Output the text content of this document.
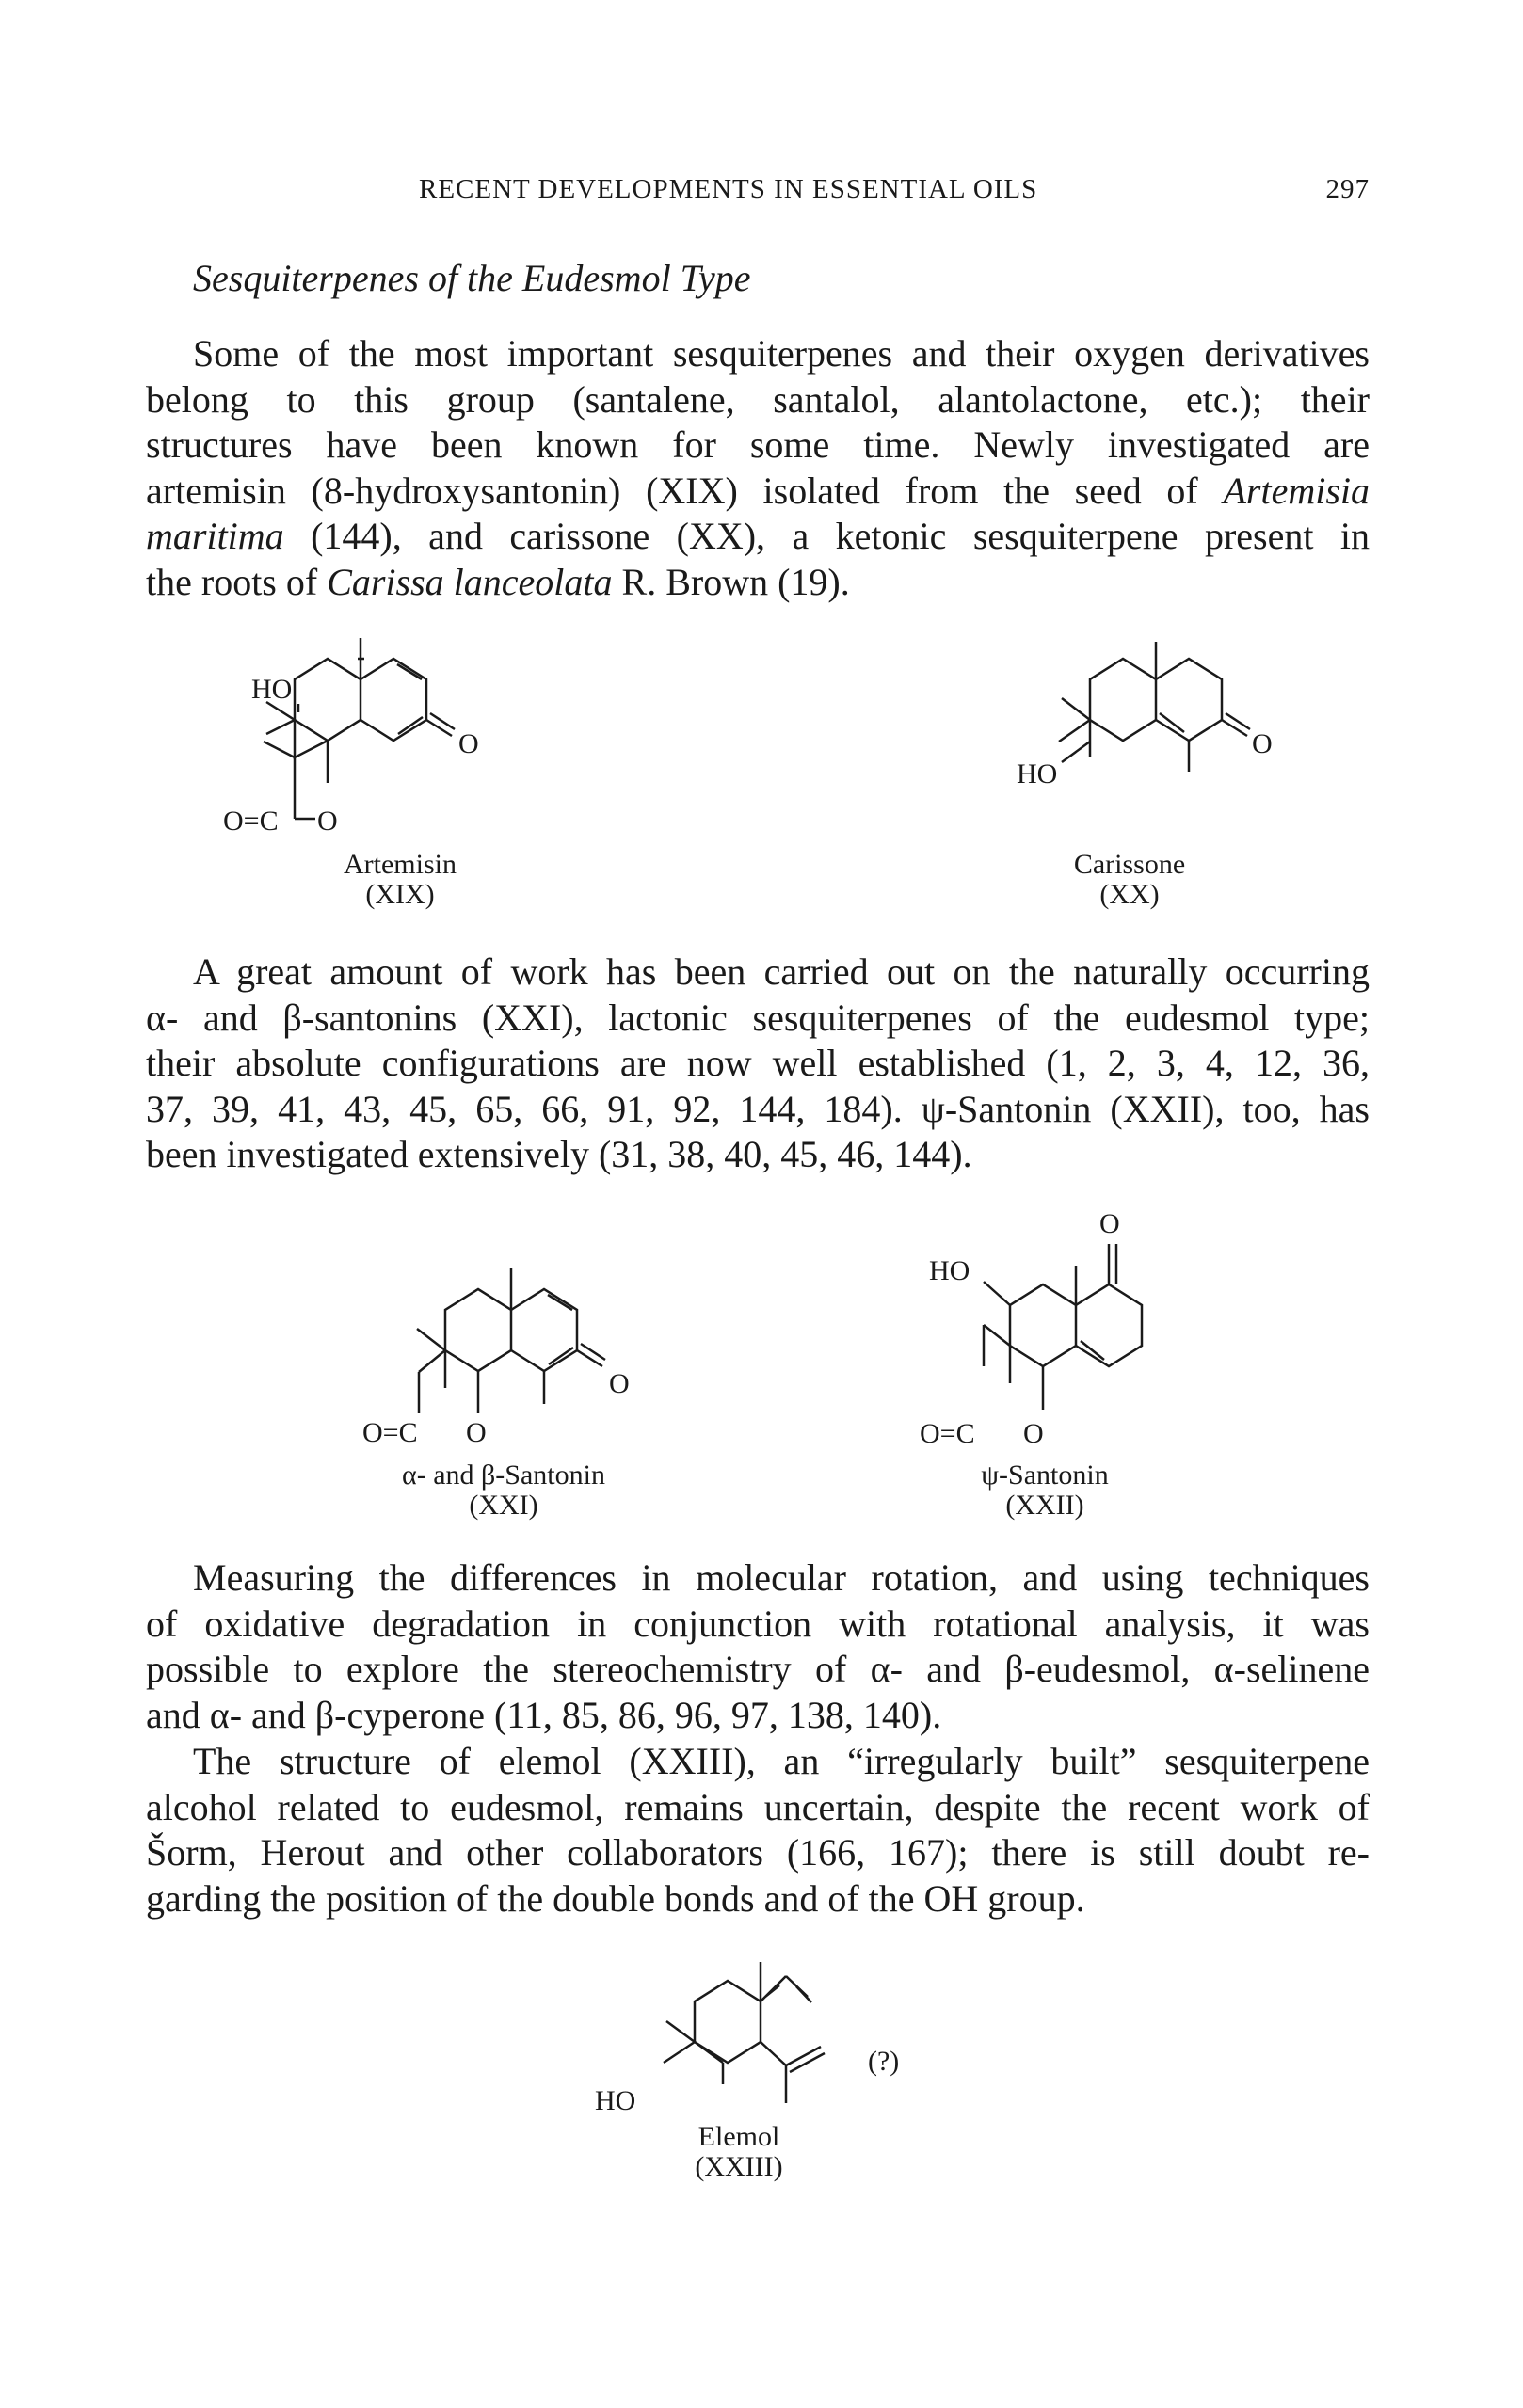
RECENT DEVELOPMENTS IN ESSENTIAL OILS	297
Sesquiterpenes of the Eudesmol Type
Some of the most important sesquiterpenes and their oxygen derivatives
belong to this group (santalene, santalol, alantolactone, etc.); their
structures have been known for some time. Newly investigated are
artemisin (8-hydroxysantonin) (XIX) isolated from the seed of Artemisia
maritima (144), and carissone (XX), a ketonic sesquiterpene present in
the roots of Carissa lanceolata R. Brown (19).
HO
O
O=C O
Artemisin
(XIX)
HO
O
Carissone
(XX)
A great amount of work has been carried out on the naturally occurring
α- and β-santonins (XXI), lactonic sesquiterpenes of the eudesmol type;
their absolute configurations are now well established (1, 2, 3, 4, 12, 36,
37, 39, 41, 43, 45, 65, 66, 91, 92, 144, 184). ψ-Santonin (XXII), too, has
been investigated extensively (31, 38, 40, 45, 46, 144).
O
O=C O
α- and β-Santonin
(XXI)
O
HO
O=C O
ψ-Santonin
(XXII)
Measuring the differences in molecular rotation, and using techniques
of oxidative degradation in conjunction with rotational analysis, it was
possible to explore the stereochemistry of α- and β-eudesmol, α-selinene
and α- and β-cyperone (11, 85, 86, 96, 97, 138, 140).
The structure of elemol (XXIII), an “irregularly built” sesquiterpene
alcohol related to eudesmol, remains uncertain, despite the recent work of
Šorm, Herout and other collaborators (166, 167); there is still doubt re-
garding the position of the double bonds and of the OH group.
HO
(?)
Elemol
(XXIII)
